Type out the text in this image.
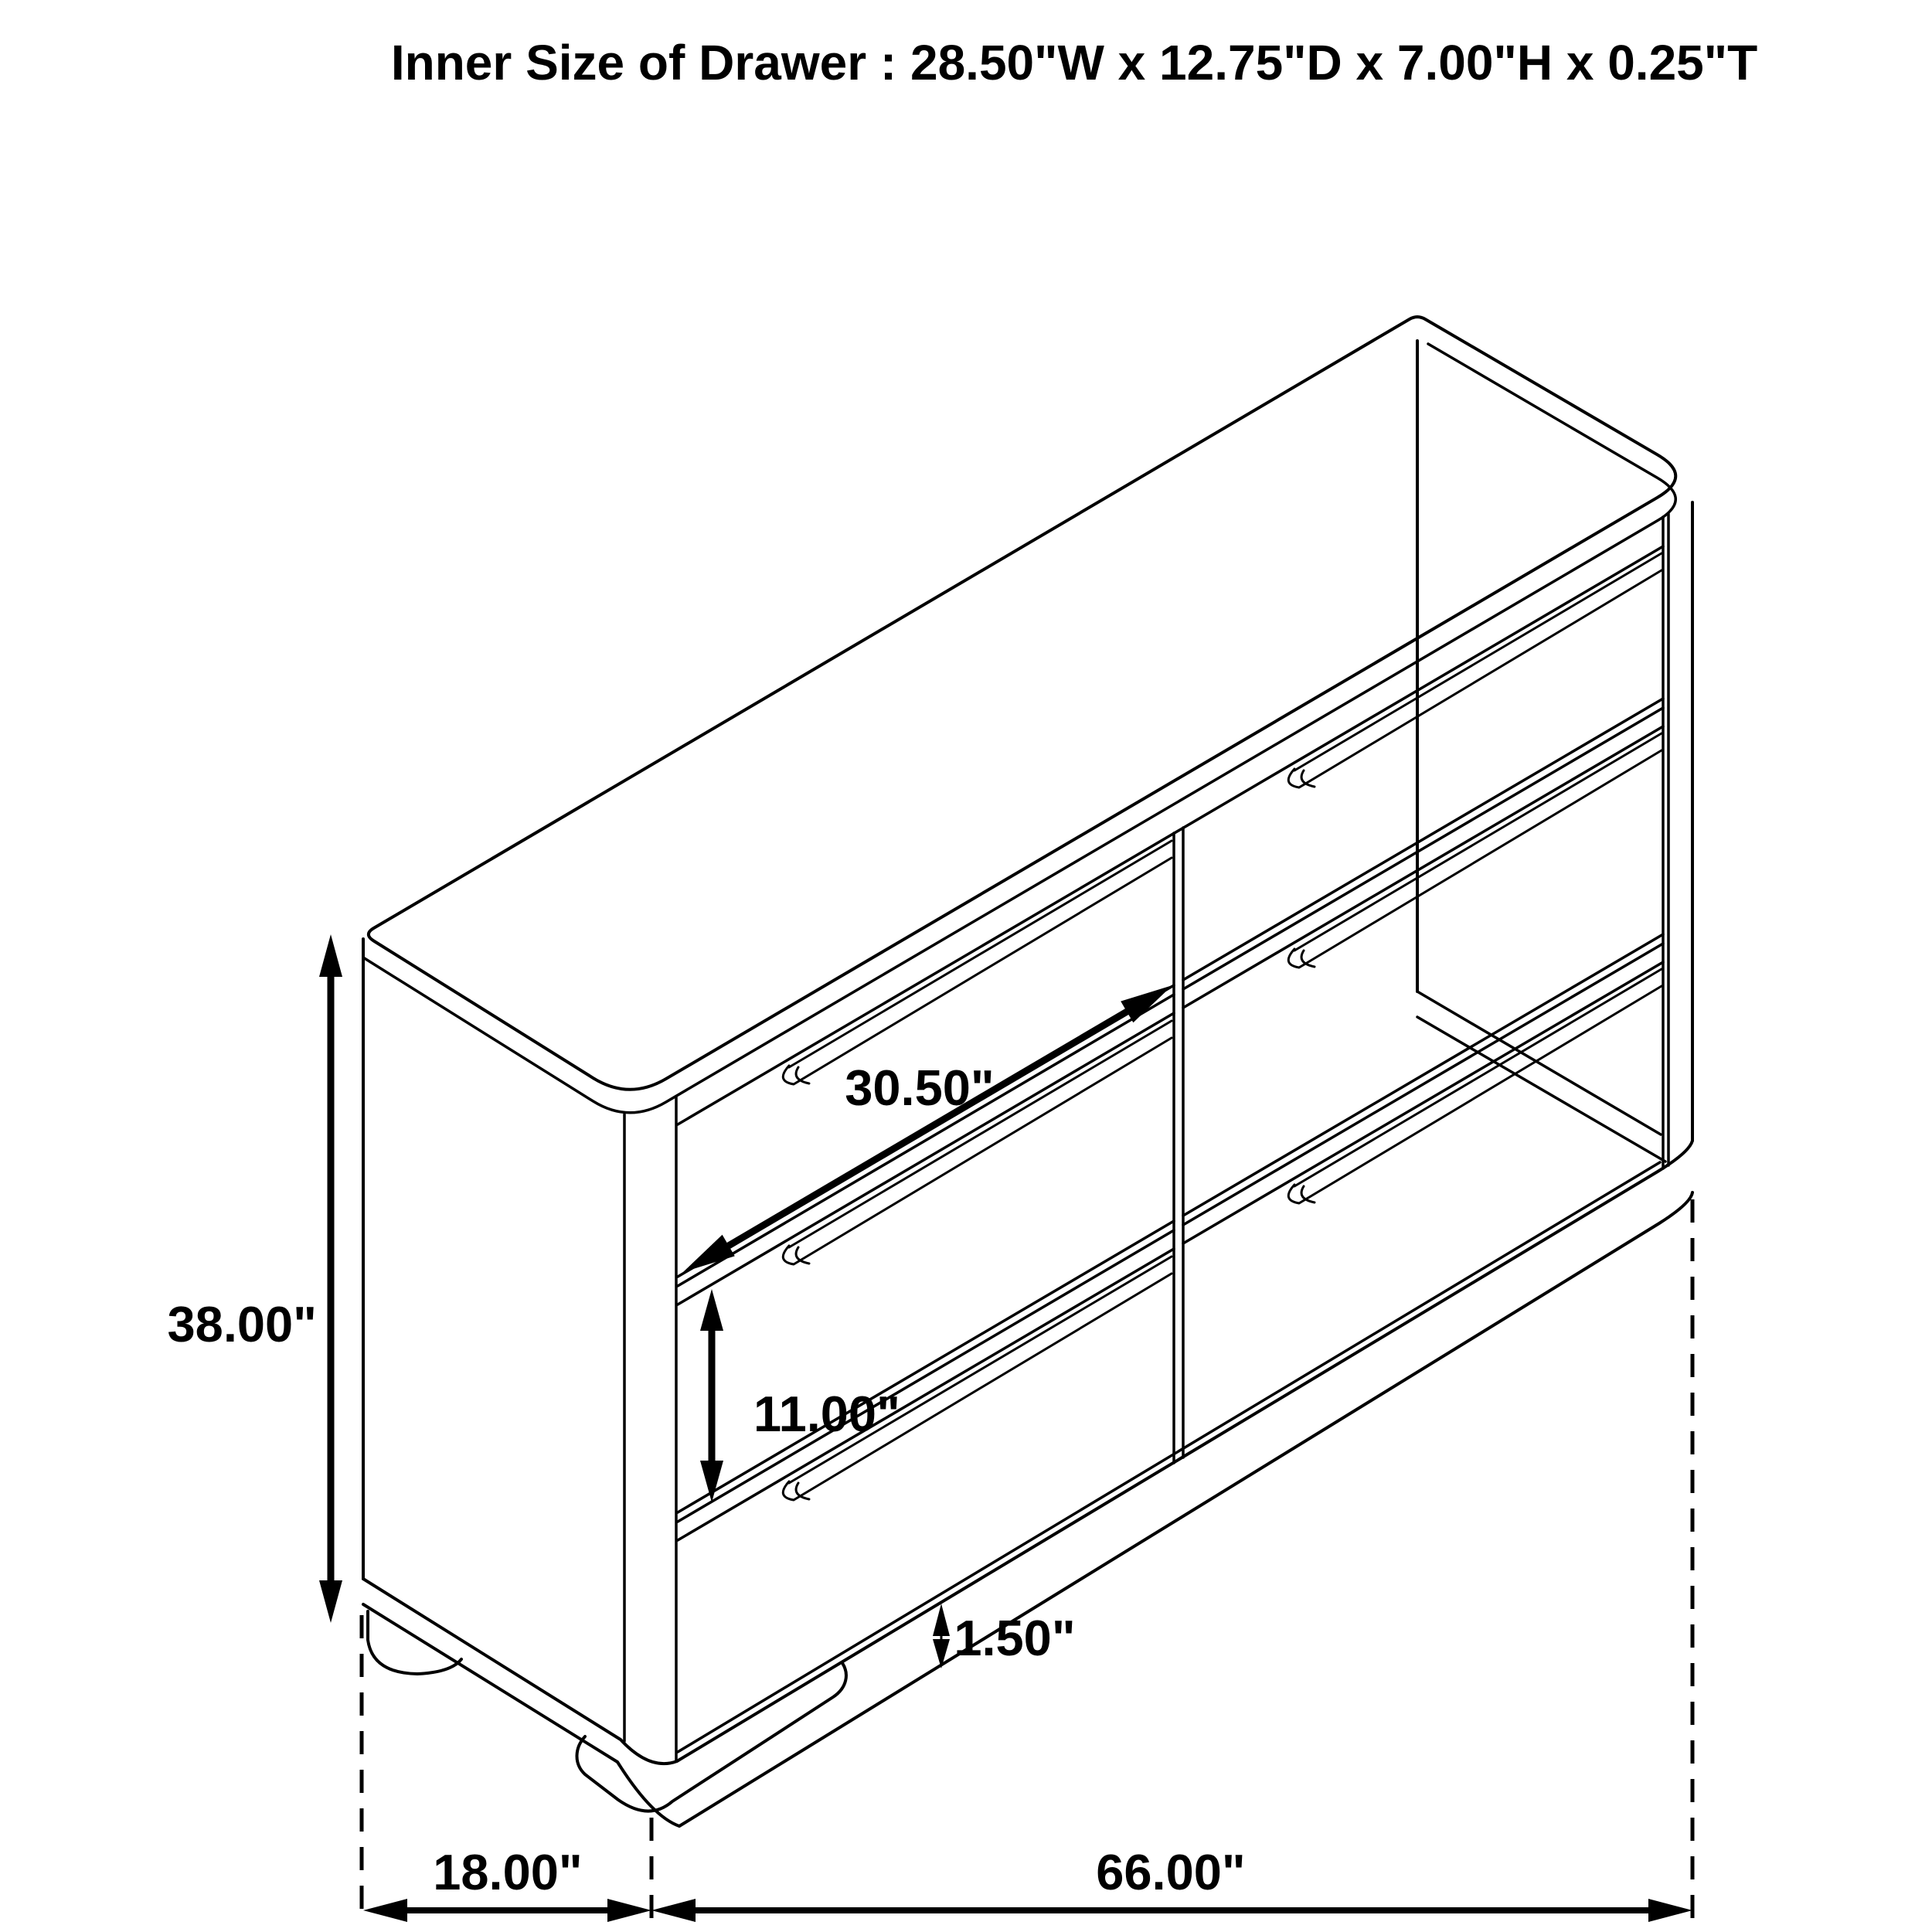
Inner Size of Drawer : 28.50"W x 12.75"D x 7.00"H x 0.25"T
38.00"
30.50"
11.00"
1.50"
18.00"	66.00"
